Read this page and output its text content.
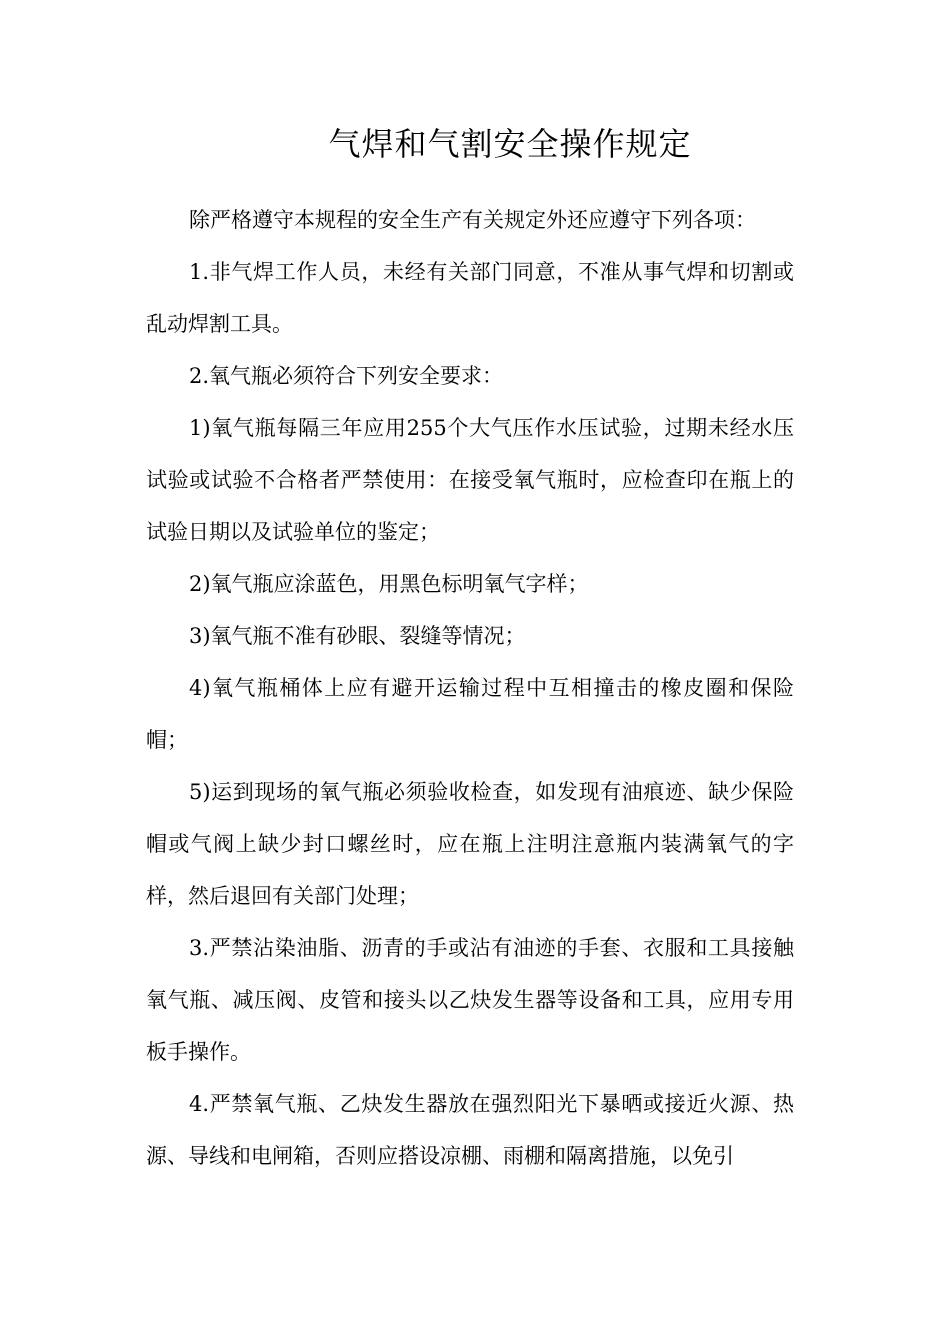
气焊和气割安全操作规定

除严格遵守本规程的安全生产有关规定外还应遵守下列各项：

1.非气焊工作人员，未经有关部门同意，不准从事气焊和切割或乱动焊割工具。

2.氧气瓶必须符合下列安全要求：

1)氧气瓶每隔三年应用255个大气压作水压试验，过期未经水压试验或试验不合格者严禁使用：在接受氧气瓶时，应检查印在瓶上的试验日期以及试验单位的鉴定；

2)氧气瓶应涂蓝色，用黑色标明氧气字样；

3)氧气瓶不准有砂眼、裂缝等情况；

4)氧气瓶桶体上应有避开运输过程中互相撞击的橡皮圈和保险帽；

5)运到现场的氧气瓶必须验收检查，如发现有油痕迹、缺少保险帽或气阀上缺少封口螺丝时，应在瓶上注明注意瓶内装满氧气的字样，然后退回有关部门处理；

3.严禁沾染油脂、沥青的手或沾有油迹的手套、衣服和工具接触氧气瓶、减压阀、皮管和接头以乙炔发生器等设备和工具，应用专用板手操作。

4.严禁氧气瓶、乙炔发生器放在强烈阳光下暴晒或接近火源、热源、导线和电闸箱，否则应搭设凉棚、雨棚和隔离措施，以免引
